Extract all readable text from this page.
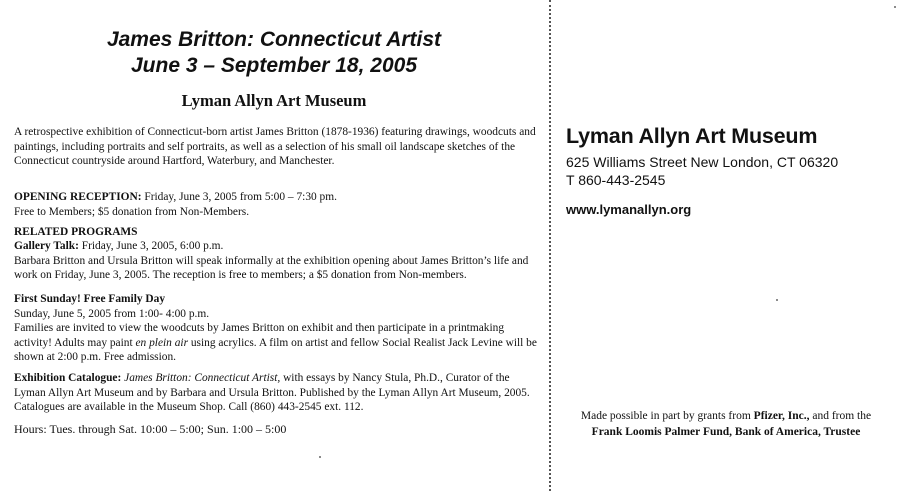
James Britton: Connecticut Artist
June 3 – September 18, 2005
Lyman Allyn Art Museum
A retrospective exhibition of Connecticut-born artist James Britton (1878-1936) featuring drawings, woodcuts and paintings, including portraits and self portraits, as well as a selection of his small oil landscape sketches of the Connecticut countryside around Hartford, Waterbury, and Manchester.
OPENING RECEPTION: Friday, June 3, 2005 from 5:00 – 7:30 pm.
Free to Members; $5 donation from Non-Members.
RELATED PROGRAMS
Gallery Talk: Friday, June 3, 2005, 6:00 p.m.
Barbara Britton and Ursula Britton will speak informally at the exhibition opening about James Britton’s life and work on Friday, June 3, 2005. The reception is free to members; a $5 donation from Non-members.
First Sunday! Free Family Day
Sunday, June 5, 2005 from 1:00- 4:00 p.m.
Families are invited to view the woodcuts by James Britton on exhibit and then participate in a printmaking activity! Adults may paint en plein air using acrylics. A film on artist and fellow Social Realist Jack Levine will be shown at 2:00 p.m. Free admission.
Exhibition Catalogue: James Britton: Connecticut Artist, with essays by Nancy Stula, Ph.D., Curator of the Lyman Allyn Art Museum and by Barbara and Ursula Britton. Published by the Lyman Allyn Art Museum, 2005. Catalogues are available in the Museum Shop. Call (860) 443-2545 ext. 112.
Hours: Tues. through Sat. 10:00 – 5:00; Sun. 1:00 – 5:00
Lyman Allyn Art Museum
625 Williams Street New London, CT 06320
T 860-443-2545
www.lymanallyn.org
Made possible in part by grants from Pfizer, Inc., and from the
Frank Loomis Palmer Fund, Bank of America, Trustee
